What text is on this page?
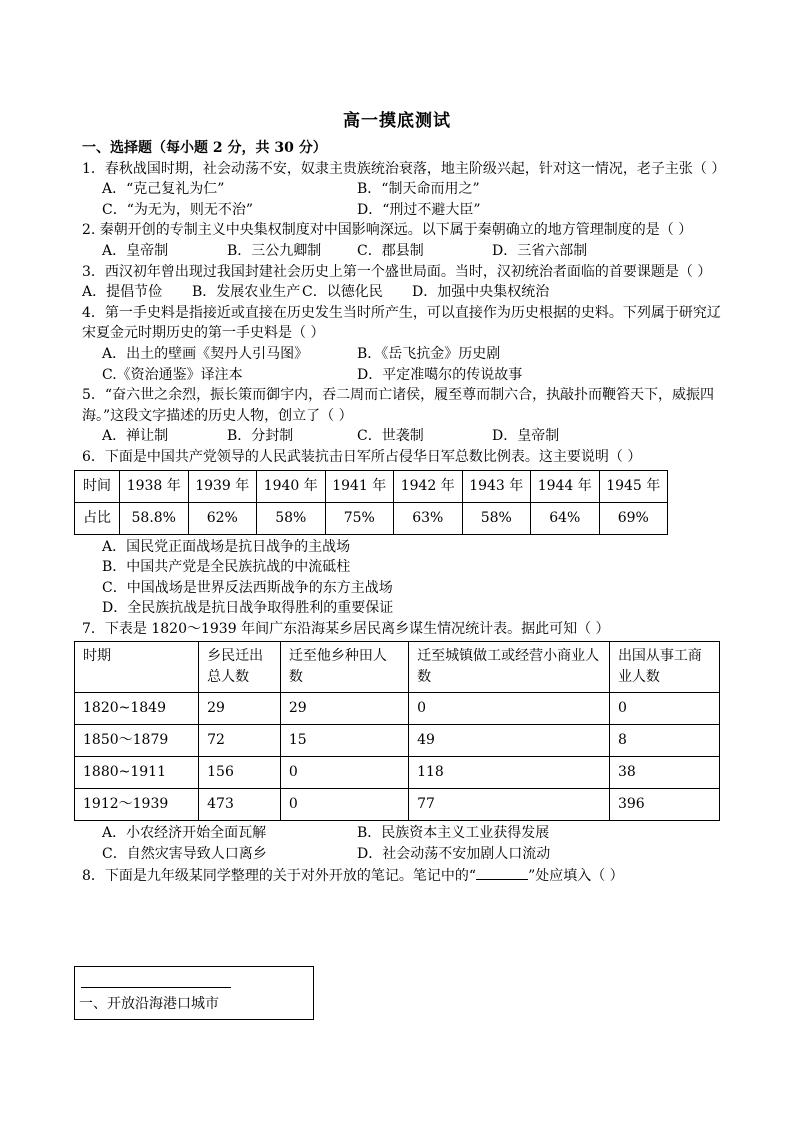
高一摸底测试
一、选择题（每小题 2 分，共 30 分）

1．春秋战国时期，社会动荡不安，奴隶主贵族统治衰落，地主阶级兴起，针对这一情况，老子主张（ ）

A．“克己复礼为仁”	B．“制天命而用之”
C．“为无为，则无不治”	D．“刑过不避大臣”

2. 秦朝开创的专制主义中央集权制度对中国影响深远。以下属于秦朝确立的地方管理制度的是（ ）

A．皇帝制	B．三公九卿制	C．郡县制	D．三省六部制

3．西汉初年曾出现过我国封建社会历史上第一个盛世局面。当时，汉初统治者面临的首要课题是（ ）

A．提倡节俭	B．发展农业生产 C．以德化民	D．加强中央集权统治

4．第一手史料是指接近或直接在历史发生当时所产生，可以直接作为历史根据的史料。下列属于研究辽宋夏金元时期历史的第一手史料是（ ）

A．出土的壁画《契丹人引马图》	B．《岳飞抗金》历史剧
C.《资治通鉴》译注本	D．平定准噶尔的传说故事

5．“奋六世之余烈，振长策而御宇内，吞二周而亡诸侯，履至尊而制六合，执敲扑而鞭笞天下，威振四海。”这段文字描述的历史人物，创立了（ ）

A．禅让制	B．分封制	C．世袭制	D．皇帝制

6．下面是中国共产党领导的人民武装抗击日军所占侵华日军总数比例表。这主要说明（ ）

时间	1938 年	1939 年	1940 年	1941 年	1942 年	1943 年	1944 年	1945 年
占比	58.8%	62%	58%	75%	63%	58%	64%	69%
A．国民党正面战场是抗日战争的主战场
B．中国共产党是全民族抗战的中流砥柱
C．中国战场是世界反法西斯战争的东方主战场
D．全民族抗战是抗日战争取得胜利的重要保证

7．下表是 1820～1939 年间广东沿海某乡居民离乡谋生情况统计表。据此可知（ ）

时期	乡民迁出总人数	迁至他乡种田人数	迁至城镇做工或经营小商业人数	出国从事工商业人数
1820~1849	29	29	0	0
1850～1879	72	15	49	8
1880~1911	156	0	118	38
1912～1939	473	0	77	396
A．小农经济开始全面瓦解	B．民族资本主义工业获得发展
C．自然灾害导致人口离乡	D．社会动荡不安加剧人口流动

8．下面是九年级某同学整理的关于对外开放的笔记。笔记中的“	”处应填入（ ）

一、开放沿海港口城市
